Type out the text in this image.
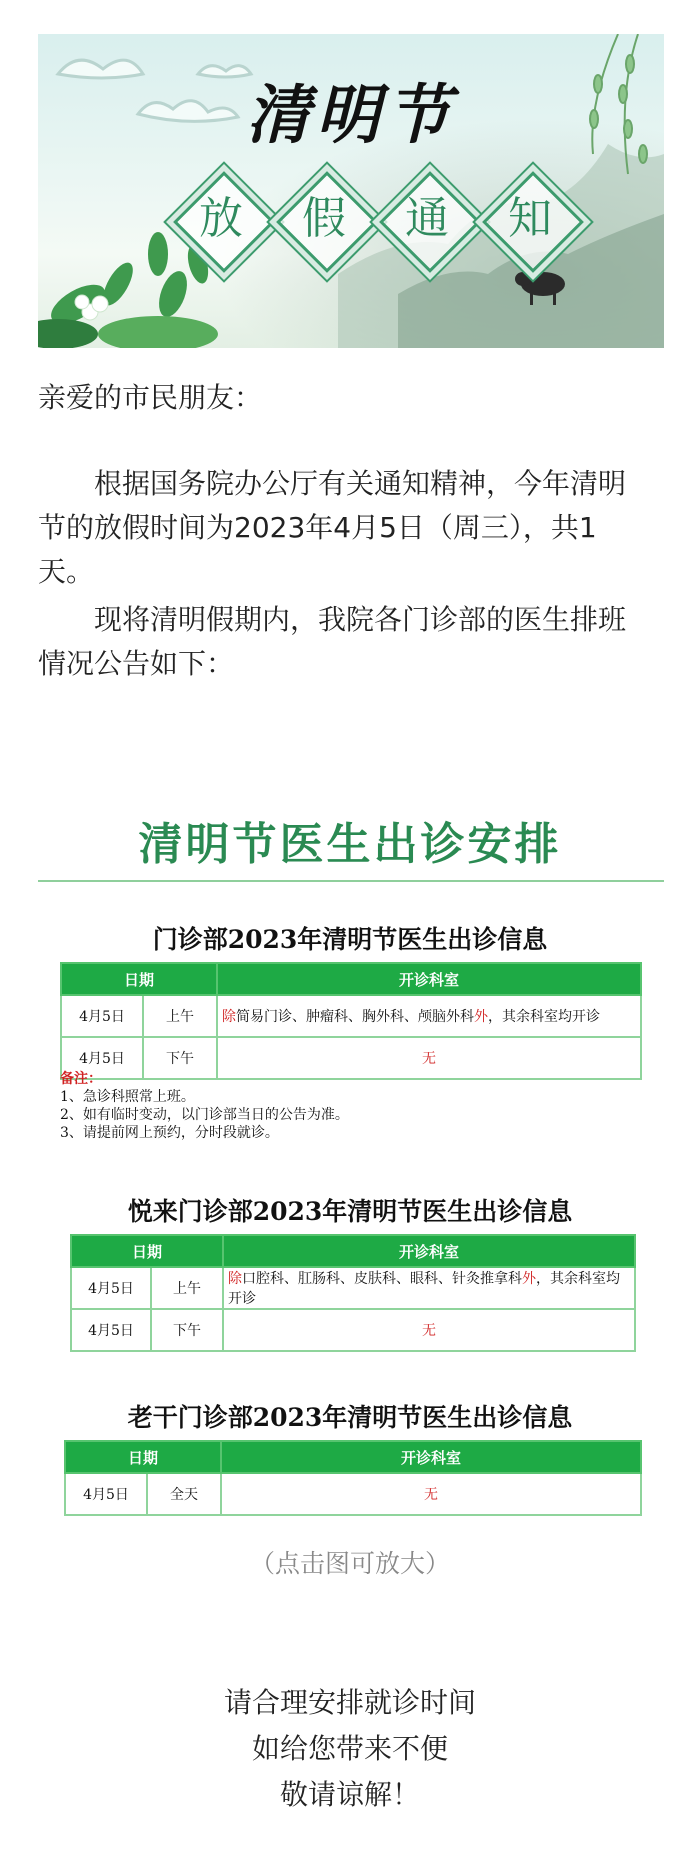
清明节
放	假	通	知
亲爱的市民朋友：

根据国务院办公厅有关通知精神，今年清明节的放假时间为2023年4月5日（周三），共1天。

现将清明假期内，我院各门诊部的医生排班情况公告如下：

清明节医生出诊安排
门诊部2023年清明节医生出诊信息
日期		开诊科室
4月5日	上午	除简易门诊、肿瘤科、胸外科、颅脑外科外，其余科室均开诊
4月5日	下午	无
备注：
1、急诊科照常上班。
2、如有临时变动，以门诊部当日的公告为准。
3、请提前网上预约，分时段就诊。
悦来门诊部2023年清明节医生出诊信息
日期		开诊科室
4月5日	上午	除口腔科、肛肠科、皮肤科、眼科、针灸推拿科外，其余科室均开诊
4月5日	下午	无
老干门诊部2023年清明节医生出诊信息
日期		开诊科室
4月5日	全天	无
（点击图可放大）
请合理安排就诊时间
如给您带来不便
敬请谅解！
